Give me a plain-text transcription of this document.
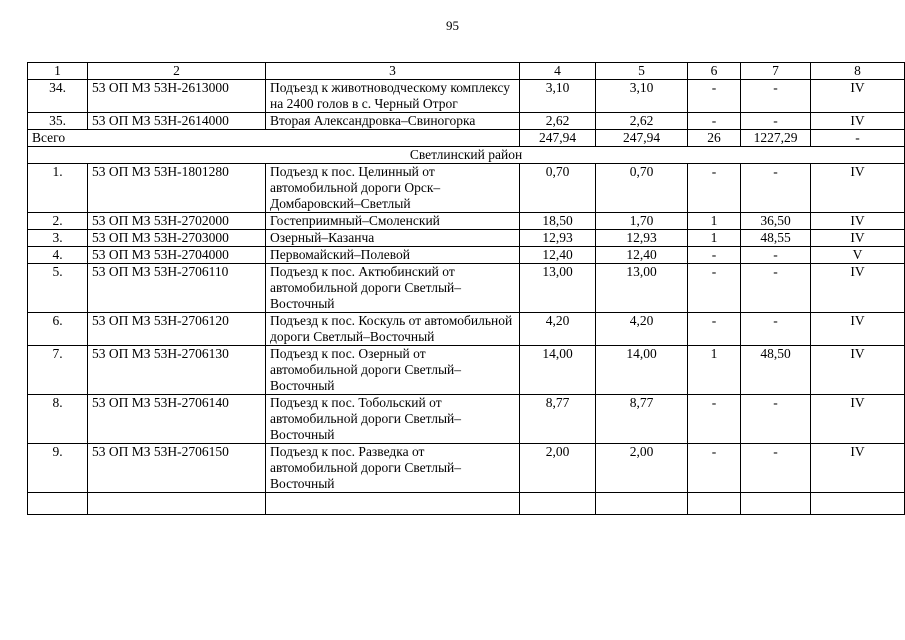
95
1	2	3	4	5	6	7	8
34.	53 ОП МЗ 53Н-2613000	Подъезд к животноводческому комплексу на 2400 голов в с. Черный Отрог	3,10	3,10	-	-	IV
35.	53 ОП МЗ 53Н-2614000	Вторая Александровка–Свиногорка	2,62	2,62	-	-	IV
Всего			247,94	247,94	26	1227,29	-
Светлинский район							
1.	53 ОП МЗ 53Н-1801280	Подъезд к пос. Целинный от автомобильной дороги Орск–Домбаровский–Светлый	0,70	0,70	-	-	IV
2.	53 ОП МЗ 53Н-2702000	Гостеприимный–Смоленский	18,50	1,70	1	36,50	IV
3.	53 ОП МЗ 53Н-2703000	Озерный–Казанча	12,93	12,93	1	48,55	IV
4.	53 ОП МЗ 53Н-2704000	Первомайский–Полевой	12,40	12,40	-	-	V
5.	53 ОП МЗ 53Н-2706110	Подъезд к пос. Актюбинский от автомобильной дороги Светлый–Восточный	13,00	13,00	-	-	IV
6.	53 ОП МЗ 53Н-2706120	Подъезд к пос. Коскуль от автомобильной дороги Светлый–Восточный	4,20	4,20	-	-	IV
7.	53 ОП МЗ 53Н-2706130	Подъезд к пос. Озерный от автомобильной дороги Светлый–Восточный	14,00	14,00	1	48,50	IV
8.	53 ОП МЗ 53Н-2706140	Подъезд к пос. Тобольский от автомобильной дороги Светлый–Восточный	8,77	8,77	-	-	IV
9.	53 ОП МЗ 53Н-2706150	Подъезд к пос. Разведка от автомобильной дороги Светлый–Восточный	2,00	2,00	-	-	IV
